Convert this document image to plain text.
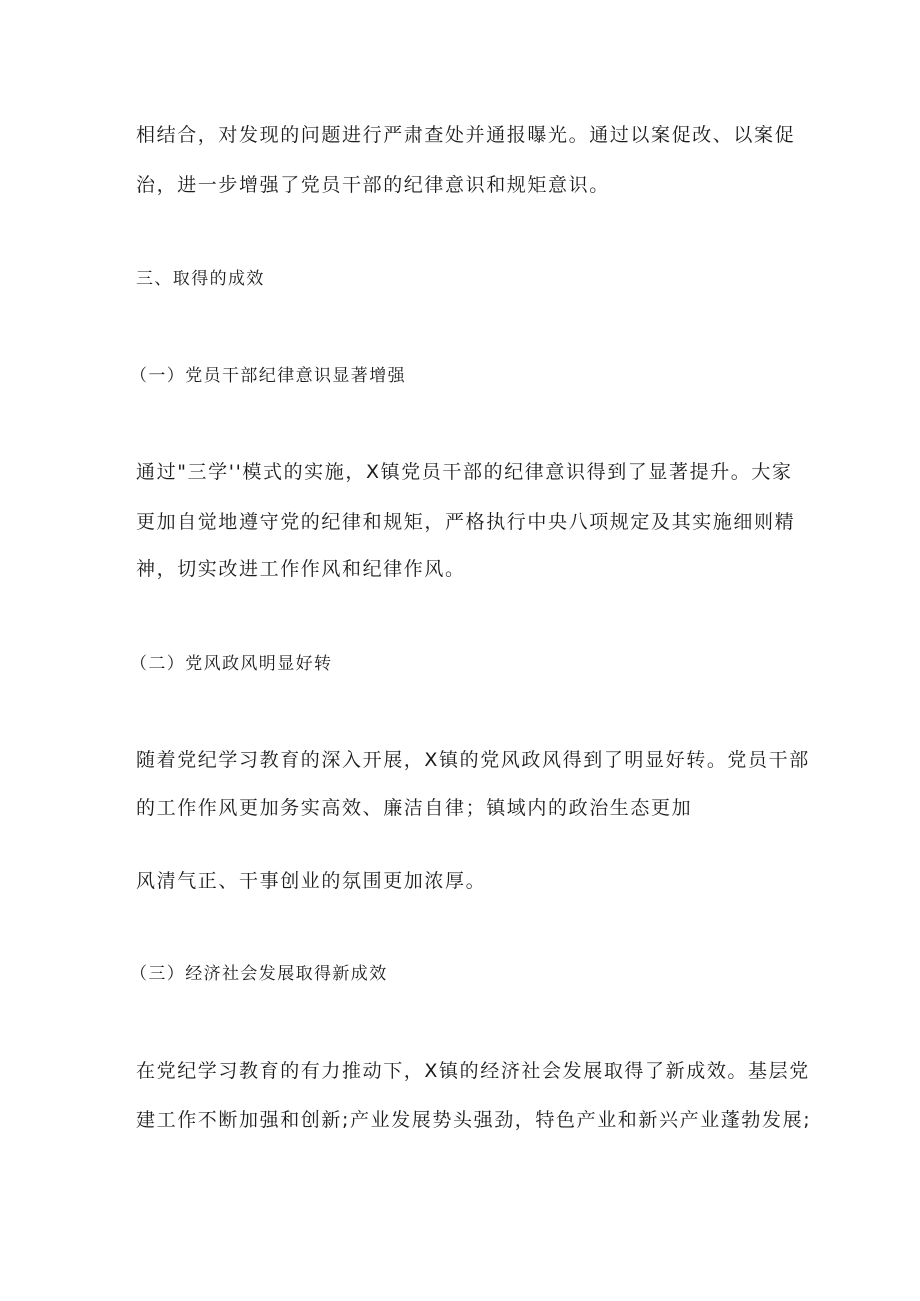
相结合，对发现的问题进行严肃查处并通报曝光。通过以案促改、以案促

治，进一步增强了党员干部的纪律意识和规矩意识。

三、取得的成效
（一）党员干部纪律意识显著增强

通过"三学''模式的实施，X镇党员干部的纪律意识得到了显著提升。大家

更加自觉地遵守党的纪律和规矩，严格执行中央八项规定及其实施细则精

神，切实改进工作作风和纪律作风。

（二）党风政风明显好转

随着党纪学习教育的深入开展，X镇的党风政风得到了明显好转。党员干部

的工作作风更加务实高效、廉洁自律；镇域内的政治生态更加

风清气正、干事创业的氛围更加浓厚。

（三）经济社会发展取得新成效

在党纪学习教育的有力推动下，X镇的经济社会发展取得了新成效。基层党

建工作不断加强和创新;产业发展势头强劲，特色产业和新兴产业蓬勃发展;
